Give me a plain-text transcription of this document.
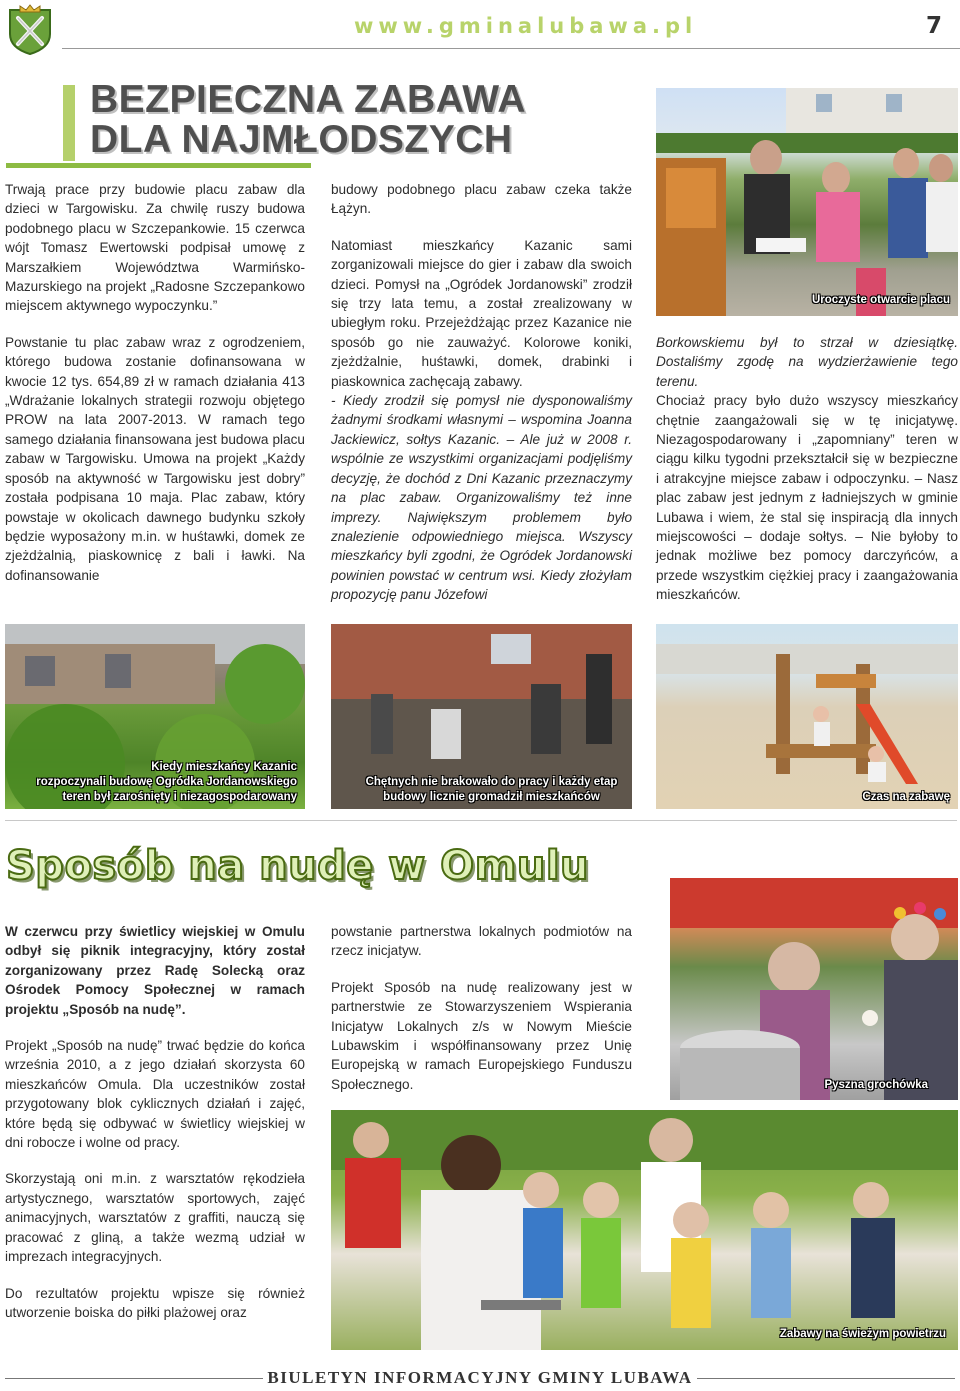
www.gminalubawa.pl	7
BEZPIECZNA ZABAWA
DLA NAJMŁODSZYCH

Trwają prace przy budowie placu zabaw dla dzieci w Targowisku. Za chwilę ruszy budowa podobnego placu w Szczepankowie. 15 czerwca wójt Tomasz Ewertowski podpisał umowę z Marszałkiem Województwa Warmińsko-Mazurskiego na projekt „Radosne Szczepankowo miejscem aktywnego wypoczynku.”

Powstanie tu plac zabaw wraz z ogrodzeniem, którego budowa zostanie dofinansowana w kwocie 12 tys. 654,89 zł w ramach działania 413 „Wdrażanie lokalnych strategii rozwoju objętego PROW na lata 2007-2013. W ramach tego samego działania finansowana jest budowa placu zabaw w Targowisku. Umowa na projekt „Każdy sposób na aktywność w Targowisku jest dobry” została podpisana 10 maja. Plac zabaw, który powstaje w okolicach dawnego budynku szkoły będzie wyposażony m.in. w huśtawki, domek ze zjeżdżalnią, piaskownicę z bali i ławki. Na dofinansowanie

budowy podobnego placu zabaw czeka także Łążyn.

Natomiast mieszkańcy Kazanic sami zorganizowali miejsce do gier i zabaw dla swoich dzieci. Pomysł na „Ogródek Jordanowski” zrodził się trzy lata temu, a został zrealizowany w ubiegłym roku. Przejeżdżając przez Kazanice nie sposób go nie zauważyć. Kolorowe koniki, zjeżdżalnie, huśtawki, domek, drabinki i piaskownica zachęcają zabawy.

- Kiedy zrodził się pomysł nie dysponowaliśmy żadnymi środkami własnymi – wspomina Joanna Jackiewicz, sołtys Kazanic. – Ale już w 2008 r. wspólnie ze wszystkimi organizacjami podjęliśmy decyzję, że dochód z Dni Kazanic przeznaczymy na plac zabaw. Organizowaliśmy też inne imprezy. Największym problemem było znalezienie odpowiedniego miejsca. Wszyscy mieszkańcy byli zgodni, że Ogródek Jordanowski powinien powstać w centrum wsi. Kiedy złożyłam propozycję panu Józefowi

Uroczyste otwarcie placu

Borkowskiemu był to strzał w dziesiątkę. Dostaliśmy zgodę na wydzierżawienie tego terenu.

Chociaż pracy było dużo wszyscy mieszkańcy chętnie zaangażowali się w tę inicjatywę. Niezagospodarowany i „zapomniany” teren w ciągu kilku tygodni przekształcił się w bezpieczne i atrakcyjne miejsce zabaw i odpoczynku. – Nasz plac zabaw jest jednym z ładniejszych w gminie Lubawa i wiem, że stal się inspiracją dla innych miejscowości – dodaje sołtys. – Nie byłoby to jednak możliwe bez pomocy darczyńców, a przede wszystkim ciężkiej pracy i zaangażowania mieszkańców.

Kiedy mieszkańcy Kazanic
rozpoczynali budowę Ogródka Jordanowskiego
teren był zarośnięty i niezagospodarowany
Chętnych nie brakowało do pracy i każdy etap
budowy licznie gromadził mieszkańców	Czas na zabawę
Sposób na nudę w Omulu

W czerwcu przy świetlicy wiejskiej w Omulu odbył się piknik integracyjny, który został zorganizowany przez Radę Solecką oraz Ośrodek Pomocy Społecznej w ramach projektu „Sposób na nudę”.

Projekt „Sposób na nudę” trwać będzie do końca września 2010, a z jego działań skorzysta 60 mieszkańców Omula. Dla uczestników został przygotowany blok cyklicznych działań i zajęć, które będą się odbywać w świetlicy wiejskiej w dni robocze i wolne od pracy.

Skorzystają oni m.in. z warsztatów rękodzieła artystycznego, warsztatów sportowych, zajęć animacyjnych, warsztatów z graffiti, nauczą się pracować z gliną, a także wezmą udział w imprezach integracyjnych.

Do rezultatów projektu wpisze się również utworzenie boiska do piłki plażowej oraz

powstanie partnerstwa lokalnych podmiotów na rzecz inicjatyw.

Projekt Sposób na nudę realizowany jest w partnerstwie ze Stowarzyszeniem Wspierania Inicjatyw Lokalnych z/s w Nowym Mieście Lubawskim i współfinansowany przez Unię Europejską w ramach Europejskiego Funduszu Społecznego.	Pyszna grochówka
Zabawy na świeżym powietrzu
BIULETYN INFORMACYJNY GMINY LUBAWA
